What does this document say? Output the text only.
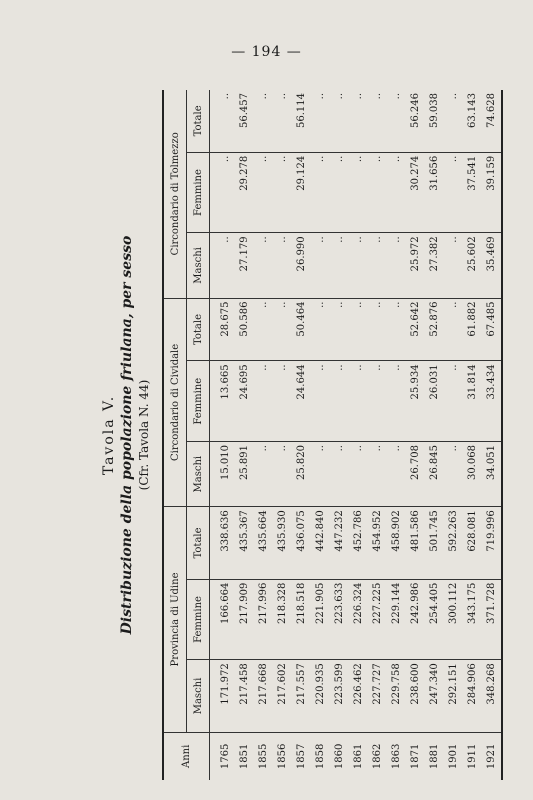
— 194 —
Tavola V. Distribuzione della popolazione friulana, per sesso (Cfr. Tavola N. 44)
Anni	Provincia di Udine			Circondario di Cividale			Circondario di Tolmezzo		
	Maschi	Femmine	Totale	Maschi	Femmine	Totale	Maschi	Femmine	Totale
1765	171.972	166.664	338.636	15.010	13.665	28.675	..	..	..
1851	217.458	217.909	435.367	25.891	24.695	50.586	27.179	29.278	56.457
1855	217.668	217.996	435.664	..	..	..	..	..	..
1856	217.602	218.328	435.930	..	..	..	..	..	..
1857	217.557	218.518	436.075	25.820	24.644	50.464	26.990	29.124	56.114
1858	220.935	221.905	442.840	..	..	..	..	..	..
1860	223.599	223.633	447.232	..	..	..	..	..	..
1861	226.462	226.324	452.786	..	..	..	..	..	..
1862	227.727	227.225	454.952	..	..	..	..	..	..
1863	229.758	229.144	458.902	..	..	..	..	..	..
1871	238.600	242.986	481.586	26.708	25.934	52.642	25.972	30.274	56.246
1881	247.340	254.405	501.745	26.845	26.031	52.876	27.382	31.656	59.038
1901	292.151	300.112	592.263	..	..	..	..	..	..
1911	284.906	343.175	628.081	30.068	31.814	61.882	25.602	37.541	63.143
1921	348.268	371.728	719.996	34.051	33.434	67.485	35.469	39.159	74.628
